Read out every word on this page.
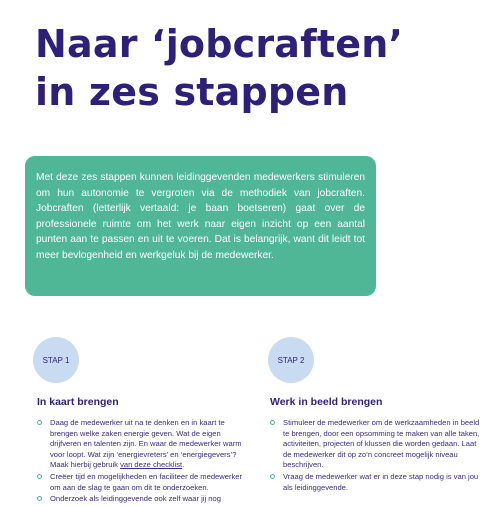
Naar ‘jobcraften’
in zes stappen
Met deze zes stappen kunnen leidinggevenden medewerkers stimuleren om hun autonomie te vergroten via de methodiek van jobcraften. Jobcraften (letterlijk vertaald: je baan boetseren) gaat over de professionele ruimte om het werk naar eigen inzicht op een aantal punten aan te passen en uit te voeren. Dat is belangrijk, want dit leidt tot meer bevlogenheid en werkgeluk bij de medewerker.
STAP 1	STAP 2
In kaart brengen
Daag de medewerker uit na te denken en in kaart te brengen welke zaken energie geven. Wat de eigen drijfveren en talenten zijn. En waar de medewerker warm voor loopt. Wat zijn ‘energievreters’ en ‘energiegevers’? Maak hierbij gebruik van deze checklist.
Creëer tijd en mogelijkheden en faciliteer de medewerker om aan de slag te gaan om dit te onderzoeken.
Onderzoek als leidinggevende ook zelf waar jij nog
Werk in beeld brengen
Stimuleer de medewerker om de werkzaamheden in beeld te brengen, door een opsomming te maken van alle taken, activiteiten, projecten of klussen die worden gedaan. Laat de medewerker dit op zo’n concreet mogelijk niveau beschrijven.
Vraag de medewerker wat er in deze stap nodig is van jou als leidinggevende.
